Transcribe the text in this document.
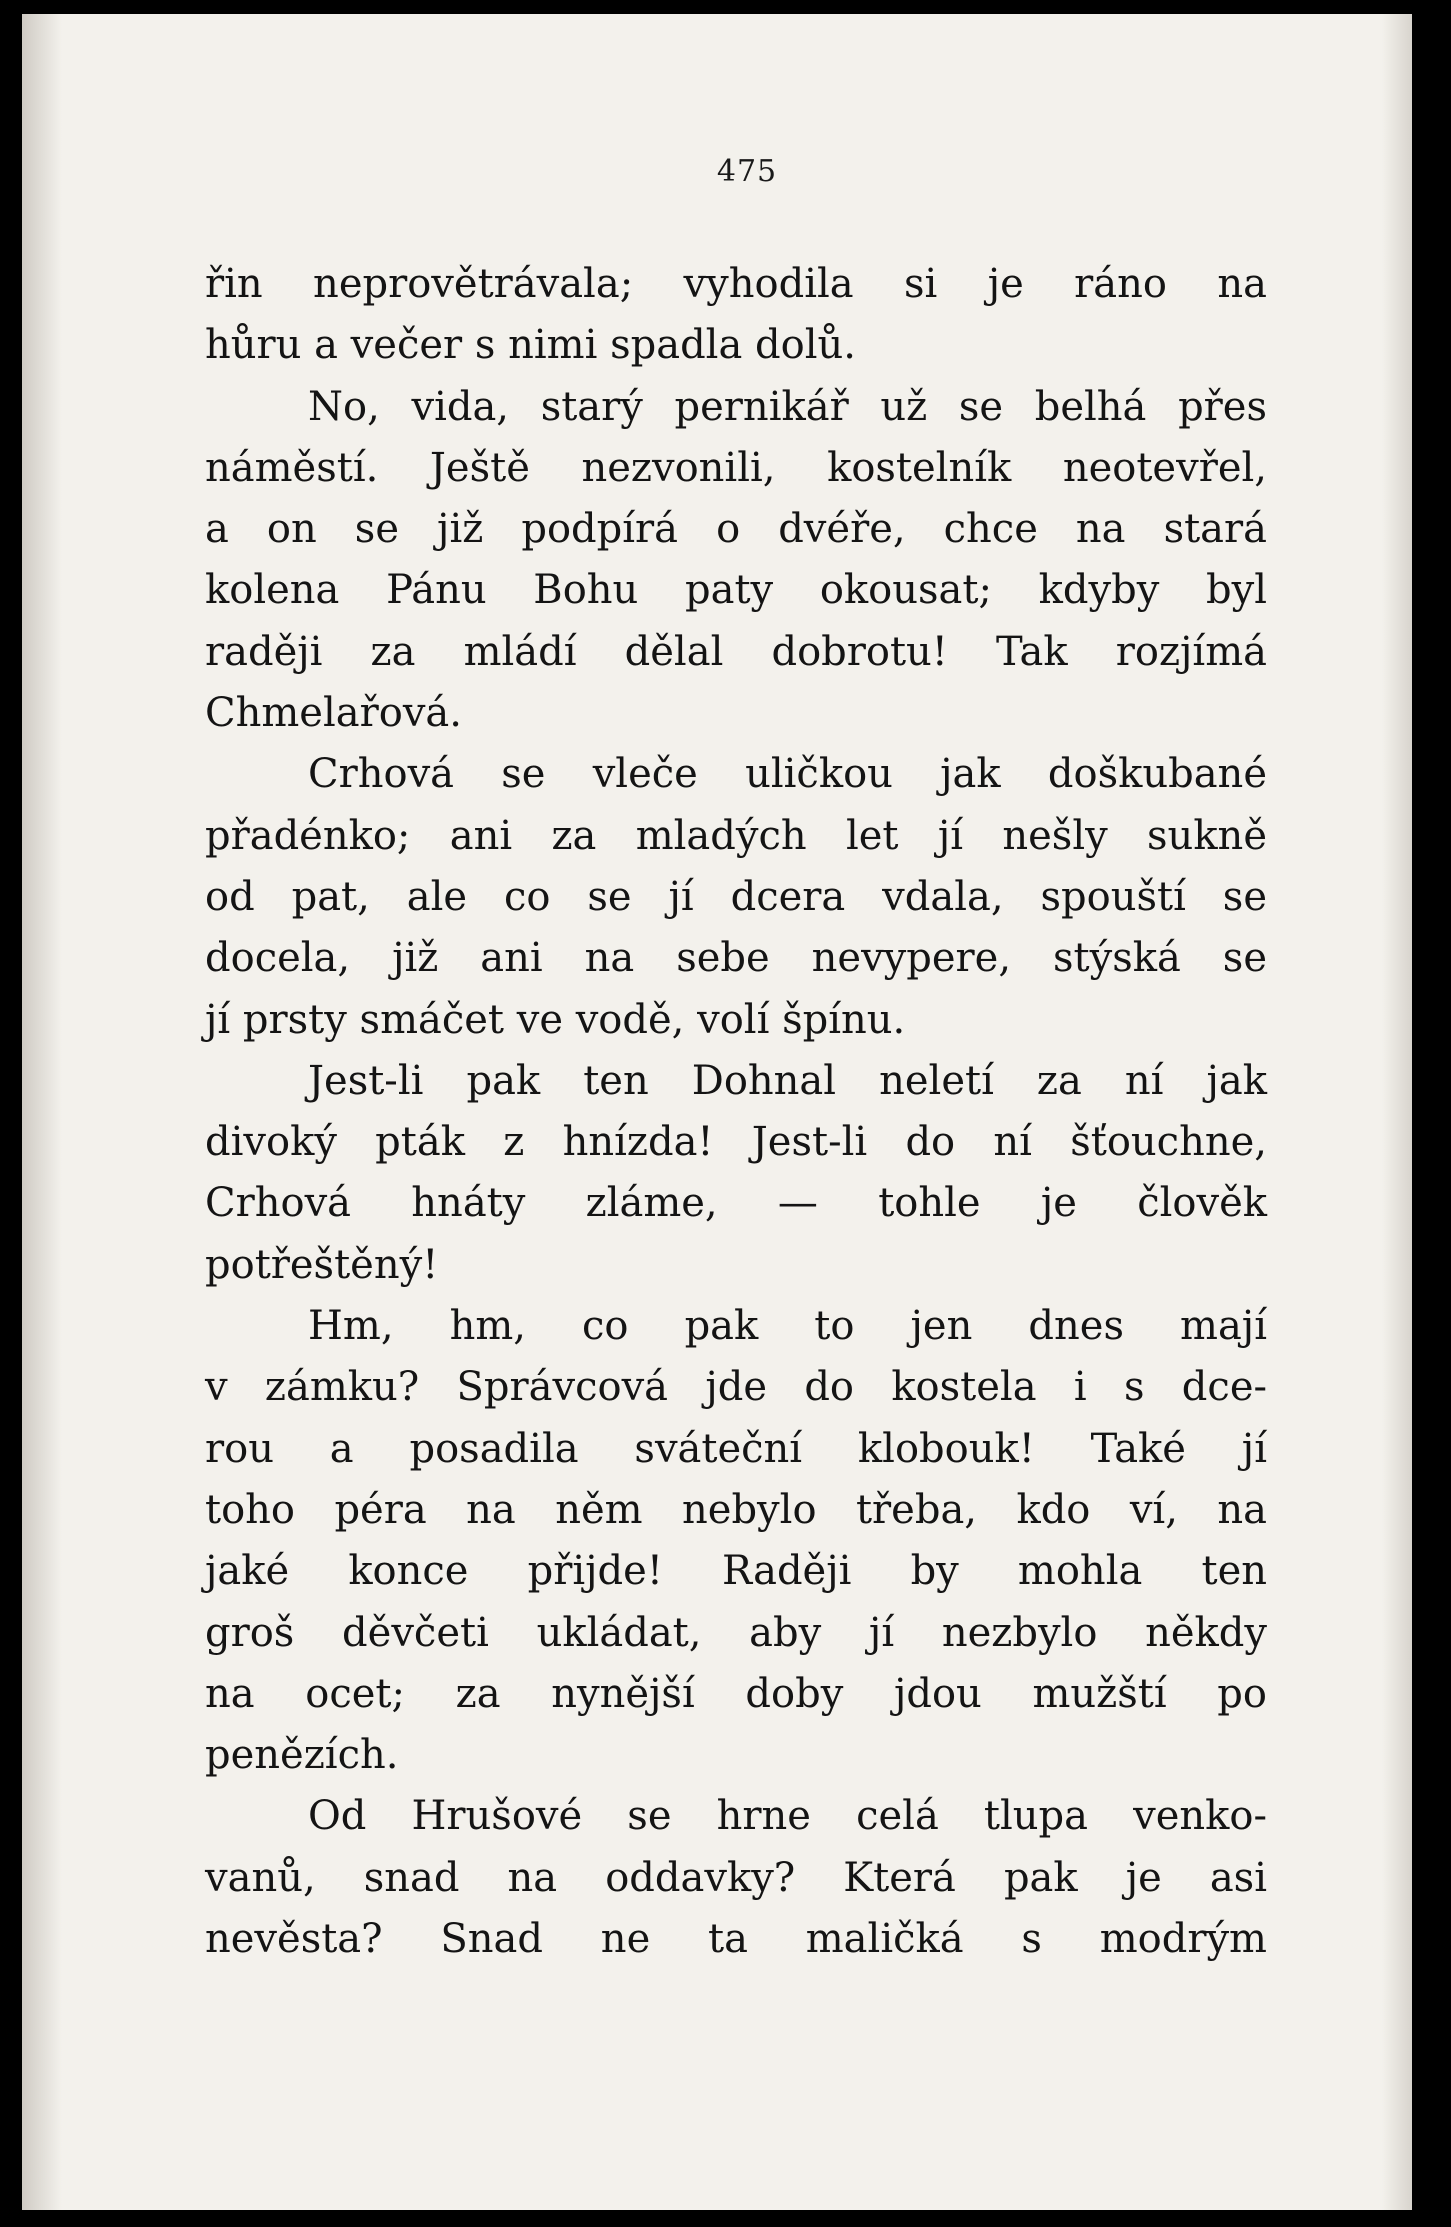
475
řin neprovětrávala; vyhodila si je ráno na
hůru a večer s nimi spadla dolů.
No, vida, starý pernikář už se belhá přes
náměstí. Ještě nezvonili, kostelník neotevřel,
a on se již podpírá o dvéře, chce na stará
kolena Pánu Bohu paty okousat; kdyby byl
raději za mládí dělal dobrotu! Tak rozjímá
Chmelařová.
Crhová se vleče uličkou jak doškubané
přadénko; ani za mladých let jí nešly sukně
od pat, ale co se jí dcera vdala, spouští se
docela, již ani na sebe nevypere, stýská se
jí prsty smáčet ve vodě, volí špínu.
Jest-li pak ten Dohnal neletí za ní jak
divoký pták z hnízda! Jest-li do ní šťouchne,
Crhová hnáty zláme, — tohle je člověk
potřeštěný!
Hm, hm, co pak to jen dnes mají
v zámku? Správcová jde do kostela i s dce-
rou a posadila sváteční klobouk! Také jí
toho péra na něm nebylo třeba, kdo ví, na
jaké konce přijde! Raději by mohla ten
groš děvčeti ukládat, aby jí nezbylo někdy
na ocet; za nynější doby jdou mužští po
penězích.
Od Hrušové se hrne celá tlupa venko-
vanů, snad na oddavky? Která pak je asi
nevěsta? Snad ne ta maličká s modrým
